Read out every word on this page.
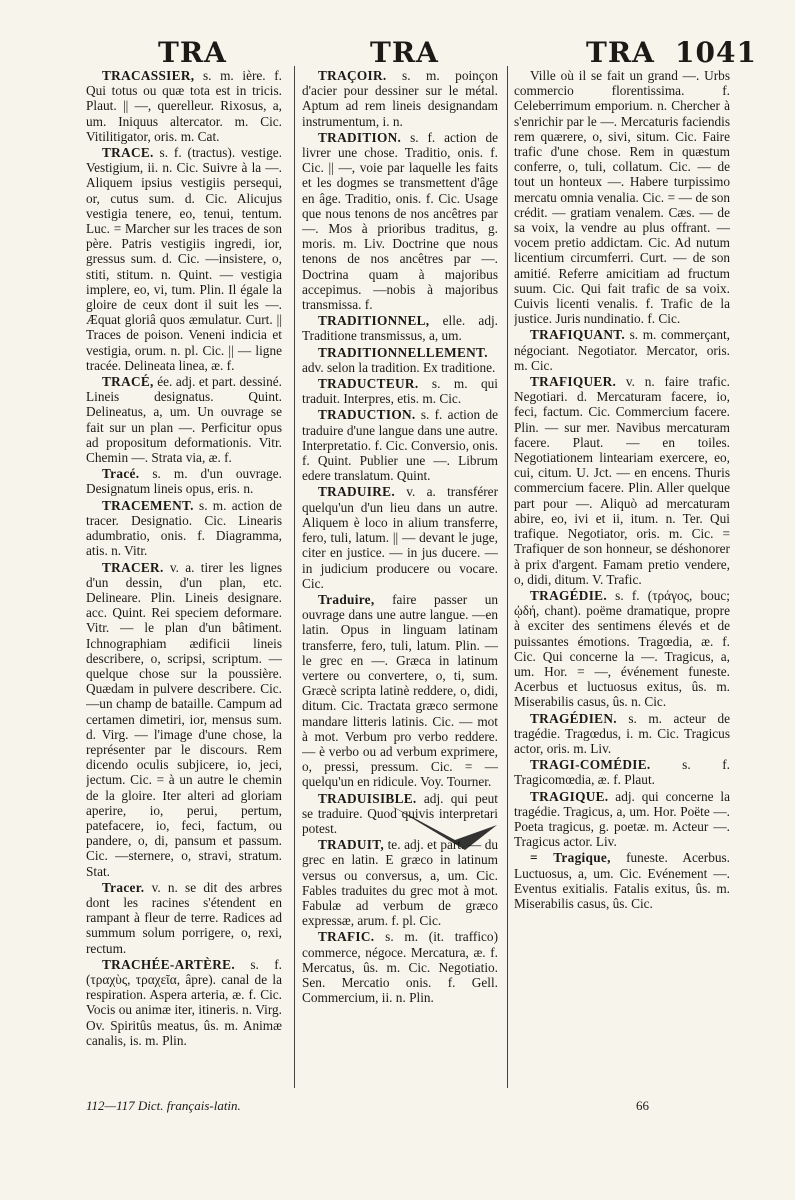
TRA	TRA	TRA 1041

TRACASSIER, s. m. ière. f. Qui totus ou quæ tota est in tricis. Plaut. || —, querelleur. Rixosus, a, um. Iniquus altercator. m. Cic. Vitilitigator, oris. m. Cat.

TRACE. s. f. (tractus). vestige. Vestigium, ii. n. Cic. Suivre à la —. Aliquem ipsius vestigiis persequi, or, cutus sum. d. Cic. Alicujus vestigia tenere, eo, tenui, tentum. Luc. = Marcher sur les traces de son père. Patris vestigiis ingredi, ior, gressus sum. d. Cic. —insistere, o, stiti, stitum. n. Quint. — vestigia implere, eo, vi, tum. Plin. Il égale la gloire de ceux dont il suit les —. Æquat gloriâ quos æmulatur. Curt. || Traces de poison. Veneni indicia et vestigia, orum. n. pl. Cic. || — ligne tracée. Delineata linea, æ. f.

TRACÉ, ée. adj. et part. dessiné. Lineis designatus. Quint. Delineatus, a, um. Un ouvrage se fait sur un plan —. Perficitur opus ad propositum deformationis. Vitr. Chemin —. Strata via, æ. f.

Tracé. s. m. d'un ouvrage. Designatum lineis opus, eris. n.

TRACEMENT. s. m. action de tracer. Designatio. Cic. Linearis adumbratio, onis. f. Diagramma, atis. n. Vitr.

TRACER. v. a. tirer les lignes d'un dessin, d'un plan, etc. Delineare. Plin. Lineis designare. acc. Quint. Rei speciem deformare. Vitr. — le plan d'un bâtiment. Ichnographiam ædificii lineis describere, o, scripsi, scriptum. —quelque chose sur la poussière. Quædam in pulvere describere. Cic. —un champ de bataille. Campum ad certamen dimetiri, ior, mensus sum. d. Virg. — l'image d'une chose, la représenter par le discours. Rem dicendo oculis subjicere, io, jeci, jectum. Cic. = à un autre le chemin de la gloire. Iter alteri ad gloriam aperire, io, perui, pertum, patefacere, io, feci, factum, ou pandere, o, di, pansum et passum. Cic. —sternere, o, stravi, stratum. Stat.

Tracer. v. n. se dit des arbres dont les racines s'étendent en rampant à fleur de terre. Radices ad summum solum porrigere, o, rexi, rectum.

TRACHÉE-ARTÈRE. s. f. (τραχὺς, τραχεῖα, âpre). canal de la respiration. Aspera arteria, æ. f. Cic. Vocis ou animæ iter, itineris. n. Virg. Ov. Spiritûs meatus, ûs. m. Animæ canalis, is. m. Plin.

TRAÇOIR. s. m. poinçon d'acier pour dessiner sur le métal. Aptum ad rem lineis designandam instrumentum, i. n.

TRADITION. s. f. action de livrer une chose. Traditio, onis. f. Cic. || —, voie par laquelle les faits et les dogmes se transmettent d'âge en âge. Traditio, onis. f. Cic. Usage que nous tenons de nos ancêtres par —. Mos à prioribus traditus, g. moris. m. Liv. Doctrine que nous tenons de nos ancêtres par —. Doctrina quam à majoribus accepimus. —nobis à majoribus transmissa. f.

TRADITIONNEL, elle. adj. Traditione transmissus, a, um.

TRADITIONNELLEMENT. adv. selon la tradition. Ex traditione.

TRADUCTEUR. s. m. qui traduit. Interpres, etis. m. Cic.

TRADUCTION. s. f. action de traduire d'une langue dans une autre. Interpretatio. f. Cic. Conversio, onis. f. Quint. Publier une —. Librum edere translatum. Quint.

TRADUIRE. v. a. transférer quelqu'un d'un lieu dans un autre. Aliquem è loco in alium transferre, fero, tuli, latum. || — devant le juge, citer en justice. — in jus ducere. — in judicium producere ou vocare. Cic.

Traduire, faire passer un ouvrage dans une autre langue. —en latin. Opus in linguam latinam transferre, fero, tuli, latum. Plin. — le grec en —. Græca in latinum vertere ou convertere, o, ti, sum. Græcè scripta latinè reddere, o, didi, ditum. Cic. Tractata græco sermone mandare litteris latinis. Cic. — mot à mot. Verbum pro verbo reddere. — è verbo ou ad verbum exprimere, o, pressi, pressum. Cic. = — quelqu'un en ridicule. Voy. Tourner.

TRADUISIBLE. adj. qui peut se traduire. Quod quivis interpretari potest.

TRADUIT, te. adj. et part. — du grec en latin. E græco in latinum versus ou conversus, a, um. Cic. Fables traduites du grec mot à mot. Fabulæ ad verbum de græco expressæ, arum. f. pl. Cic.

TRAFIC. s. m. (it. traffico) commerce, négoce. Mercatura, æ. f. Mercatus, ûs. m. Cic. Negotiatio. Sen. Mercatio onis. f. Gell. Commercium, ii. n. Plin.

Ville où il se fait un grand —. Urbs commercio florentissima. f. Celeberrimum emporium. n. Chercher à s'enrichir par le —. Mercaturis faciendis rem quærere, o, sivi, situm. Cic. Faire trafic d'une chose. Rem in quæstum conferre, o, tuli, collatum. Cic. — de tout un honteux —. Habere turpissimo mercatu omnia venalia. Cic. = — de son crédit. — gratiam venalem. Cæs. — de sa voix, la vendre au plus offrant. — vocem pretio addictam. Cic. Ad nutum licentium circumferri. Curt. — de son amitié. Referre amicitiam ad fructum suum. Cic. Qui fait trafic de sa voix. Cuivis licenti venalis. f. Trafic de la justice. Juris nundinatio. f. Cic.

TRAFIQUANT. s. m. commerçant, négociant. Negotiator. Mercator, oris. m. Cic.

TRAFIQUER. v. n. faire trafic. Negotiari. d. Mercaturam facere, io, feci, factum. Cic. Commercium facere. Plin. — sur mer. Navibus mercaturam facere. Plaut. — en toiles. Negotiationem linteariam exercere, eo, cui, citum. U. Jct. — en encens. Thuris commercium facere. Plin. Aller quelque part pour —. Aliquò ad mercaturam abire, eo, ivi et ii, itum. n. Ter. Qui trafique. Negotiator, oris. m. Cic. = Trafiquer de son honneur, se déshonorer à prix d'argent. Famam pretio vendere, o, didi, ditum. V. Trafic.

TRAGÉDIE. s. f. (τράγος, bouc; ᾠδή, chant). poëme dramatique, propre à exciter des sentimens élevés et de puissantes émotions. Tragœdia, æ. f. Cic. Qui concerne la —. Tragicus, a, um. Hor. = —, événement funeste. Acerbus et luctuosus exitus, ûs. m. Miserabilis casus, ûs. n. Cic.

TRAGÉDIEN. s. m. acteur de tragédie. Tragœdus, i. m. Cic. Tragicus actor, oris. m. Liv.

TRAGI-COMÉDIE. s. f. Tragicomœdia, æ. f. Plaut.

TRAGIQUE. adj. qui concerne la tragédie. Tragicus, a, um. Hor. Poëte —. Poeta tragicus, g. poetæ. m. Acteur —. Tragicus actor. Liv.

= Tragique, funeste. Acerbus. Luctuosus, a, um. Cic. Evénement —. Eventus exitialis. Fatalis exitus, ûs. m. Miserabilis casus, ûs. Cic.

112—117 Dict. français-latin.	66
